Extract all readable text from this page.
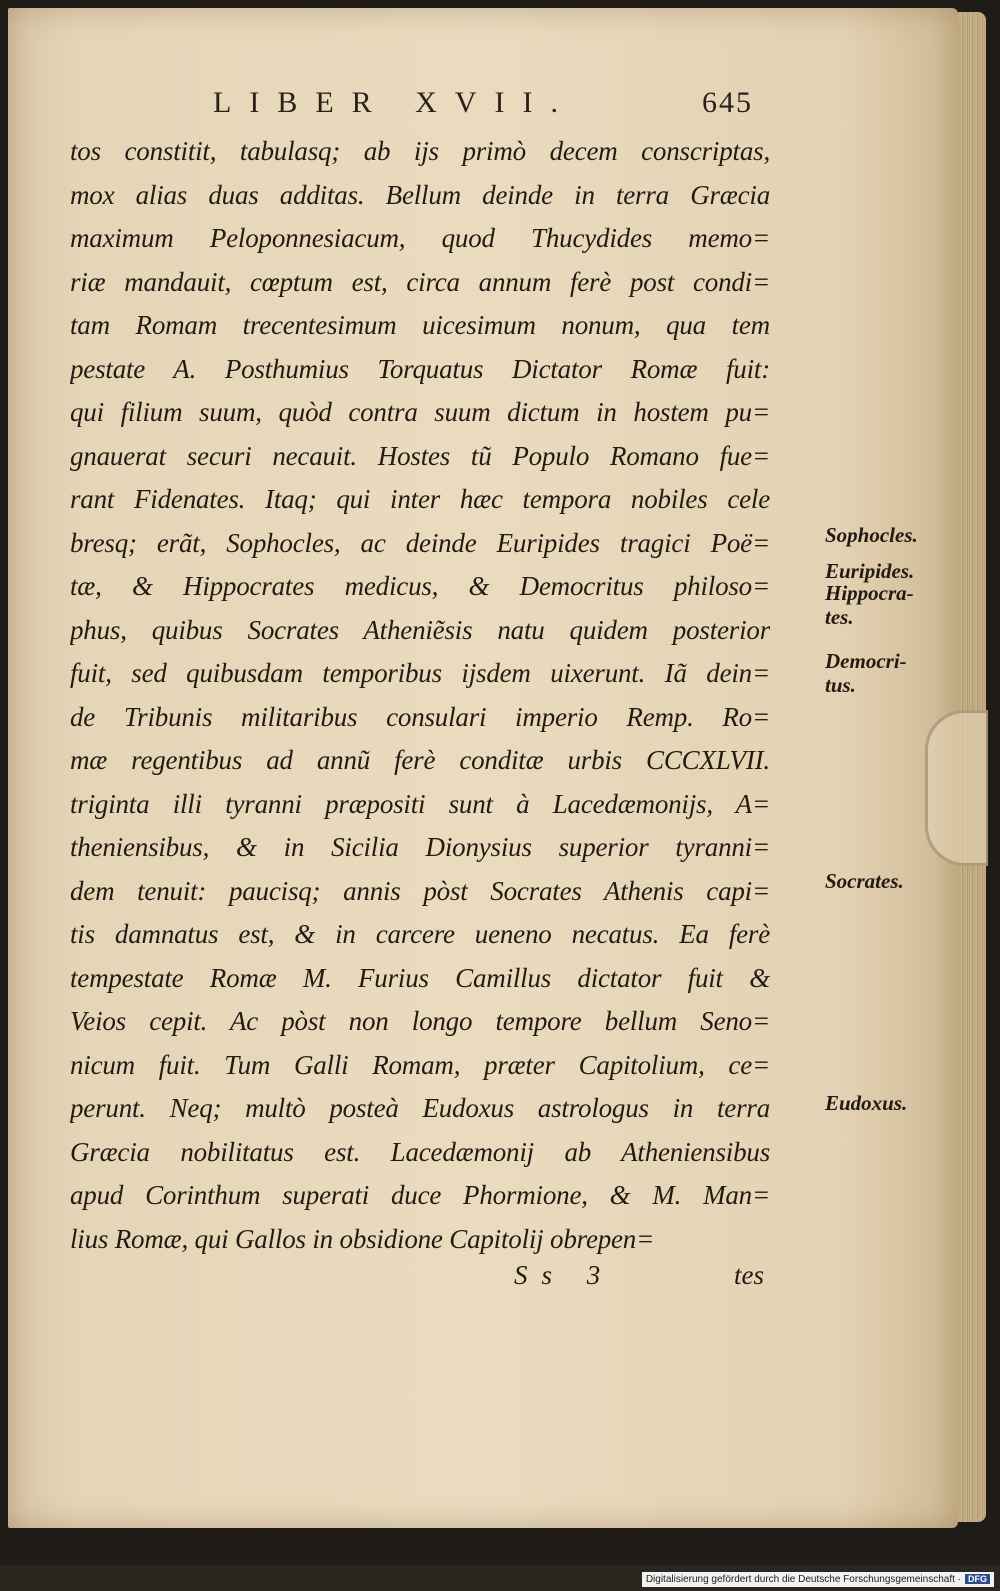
LIBER XVII.	645
tos constitit, tabulasq; ab ijs primò decem conscriptas,
mox alias duas additas. Bellum deinde in terra Græcia
maximum Peloponnesiacum, quod Thucydides memo=
riæ mandauit, cœptum est, circa annum ferè post condi=
tam Romam trecentesimum uicesimum nonum, qua tem
pestate A. Posthumius Torquatus Dictator Romæ fuit:
qui filium suum, quòd contra suum dictum in hostem pu=
gnauerat securi necauit. Hostes tũ Populo Romano fue=
rant Fidenates. Itaq; qui inter hæc tempora nobiles cele
bresq; erãt, Sophocles, ac deinde Euripides tragici Poë=
tæ, & Hippocrates medicus, & Democritus philoso=
phus, quibus Socrates Atheniẽsis natu quidem posterior
fuit, sed quibusdam temporibus ijsdem uixerunt. Iã dein=
de Tribunis militaribus consulari imperio Remp. Ro=
mæ regentibus ad annũ ferè conditæ urbis CCCXLVII.
triginta illi tyranni præpositi sunt à Lacedæmonijs, A=
theniensibus, & in Sicilia Dionysius superior tyranni=
dem tenuit: paucisq; annis pòst Socrates Athenis capi=
tis damnatus est, & in carcere ueneno necatus. Ea ferè
tempestate Romæ M. Furius Camillus dictator fuit &
Veios cepit. Ac pòst non longo tempore bellum Seno=
nicum fuit. Tum Galli Romam, præter Capitolium, ce=
perunt. Neq; multò posteà Eudoxus astrologus in terra
Græcia nobilitatus est. Lacedæmonij ab Atheniensibus
apud Corinthum superati duce Phormione, & M. Man=
lius Romæ, qui Gallos in obsidione Capitolij obrepen=
Sophocles.
Euripides.
Hippocra-
tes.
Democri-
tus.
Socrates.
Eudoxus.
Ss 3	tes
Digitalisierung gefördert durch die Deutsche Forschungsgemeinschaft · DFG
